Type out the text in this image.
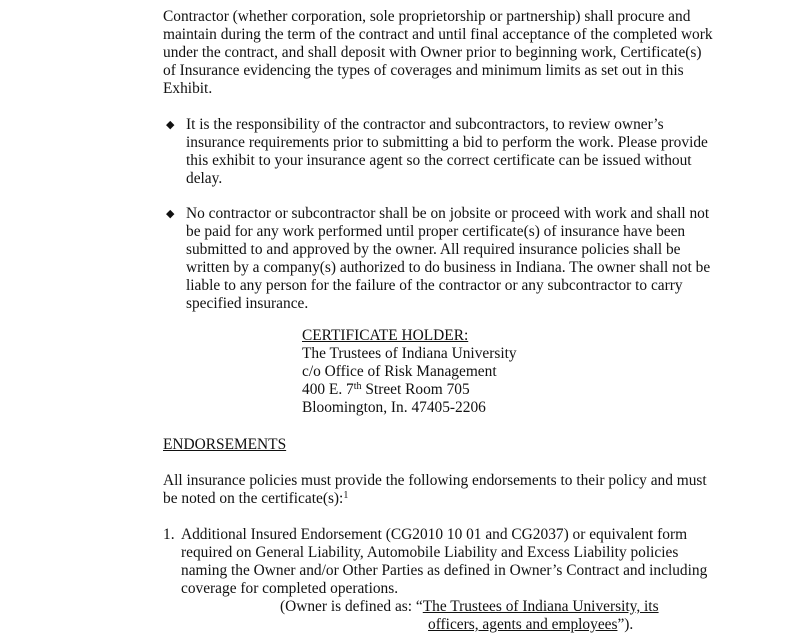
Contractor (whether corporation, sole proprietorship or partnership) shall procure and
maintain during the term of the contract and until final acceptance of the completed work
under the contract, and shall deposit with Owner prior to beginning work, Certificate(s)
of Insurance evidencing the types of coverages and minimum limits as set out in this
Exhibit.
◆ It is the responsibility of the contractor and subcontractors, to review owner’s
insurance requirements prior to submitting a bid to perform the work. Please provide
this exhibit to your insurance agent so the correct certificate can be issued without
delay.
◆ No contractor or subcontractor shall be on jobsite or proceed with work and shall not
be paid for any work performed until proper certificate(s) of insurance have been
submitted to and approved by the owner. All required insurance policies shall be
written by a company(s) authorized to do business in Indiana. The owner shall not be
liable to any person for the failure of the contractor or any subcontractor to carry
specified insurance.
CERTIFICATE HOLDER:
The Trustees of Indiana University
c/o Office of Risk Management
400 E. 7th Street Room 705
Bloomington, In. 47405-2206
ENDORSEMENTS
All insurance policies must provide the following endorsements to their policy and must
be noted on the certificate(s):$^1$
1. Additional Insured Endorsement (CG2010 10 01 and CG2037) or equivalent form
required on General Liability, Automobile Liability and Excess Liability policies
naming the Owner and/or Other Parties as defined in Owner’s Contract and including
coverage for completed operations.
(Owner is defined as: “The Trustees of Indiana University, its
officers, agents and employees”).
